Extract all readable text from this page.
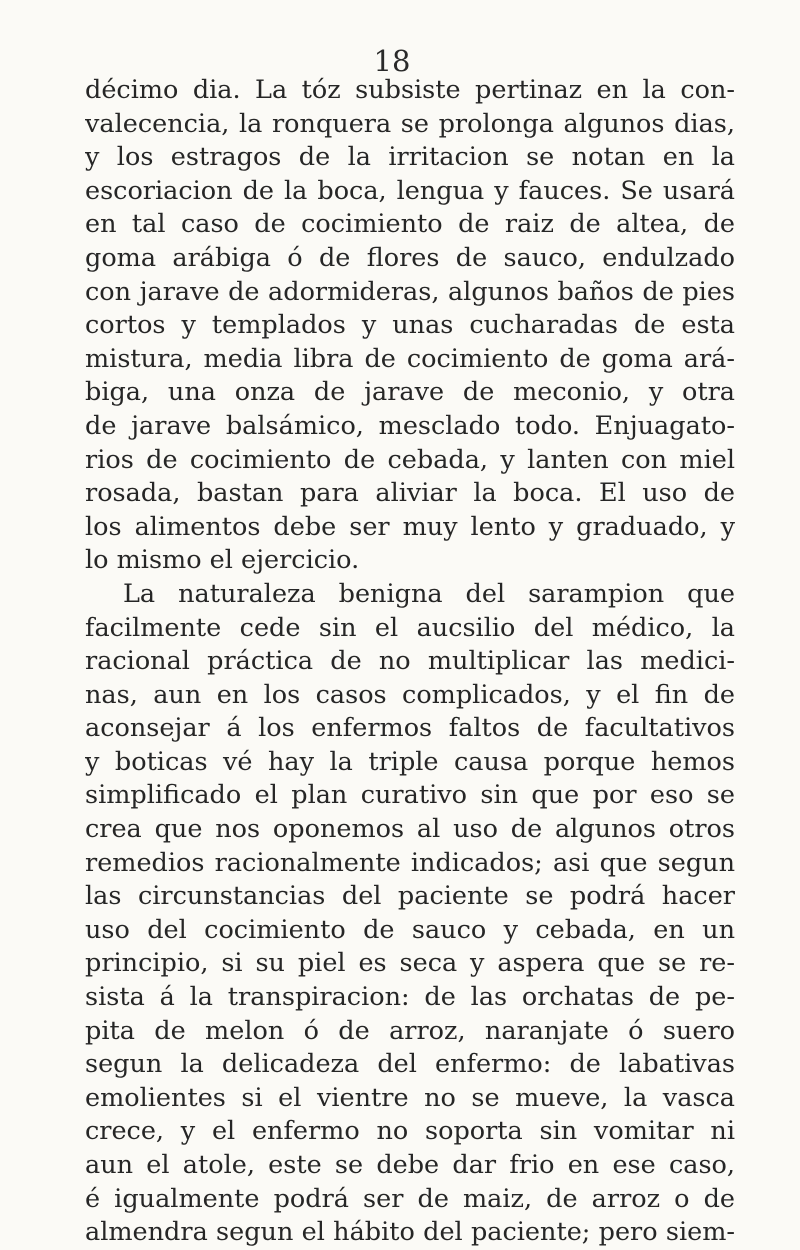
18
décimo dia. La tóz subsiste pertinaz en la con-
valecencia, la ronquera se prolonga algunos dias,
y los estragos de la irritacion se notan en la
escoriacion de la boca, lengua y fauces. Se usará
en tal caso de cocimiento de raiz de altea, de
goma arábiga ó de flores de sauco, endulzado
con jarave de adormideras, algunos baños de pies
cortos y templados y unas cucharadas de esta
mistura, media libra de cocimiento de goma ará-
biga, una onza de jarave de meconio, y otra
de jarave balsámico, mesclado todo. Enjuagato-
rios de cocimiento de cebada, y lanten con miel
rosada, bastan para aliviar la boca. El uso de
los alimentos debe ser muy lento y graduado, y
lo mismo el ejercicio.
La naturaleza benigna del sarampion que
facilmente cede sin el aucsilio del médico, la
racional práctica de no multiplicar las medici-
nas, aun en los casos complicados, y el fin de
aconsejar á los enfermos faltos de facultativos
y boticas vé hay la triple causa porque hemos
simplificado el plan curativo sin que por eso se
crea que nos oponemos al uso de algunos otros
remedios racionalmente indicados; asi que segun
las circunstancias del paciente se podrá hacer
uso del cocimiento de sauco y cebada, en un
principio, si su piel es seca y aspera que se re-
sista á la transpiracion: de las orchatas de pe-
pita de melon ó de arroz, naranjate ó suero
segun la delicadeza del enfermo: de labativas
emolientes si el vientre no se mueve, la vasca
crece, y el enfermo no soporta sin vomitar ni
aun el atole, este se debe dar frio en ese caso,
é igualmente podrá ser de maiz, de arroz o de
almendra segun el hábito del paciente; pero siem-
